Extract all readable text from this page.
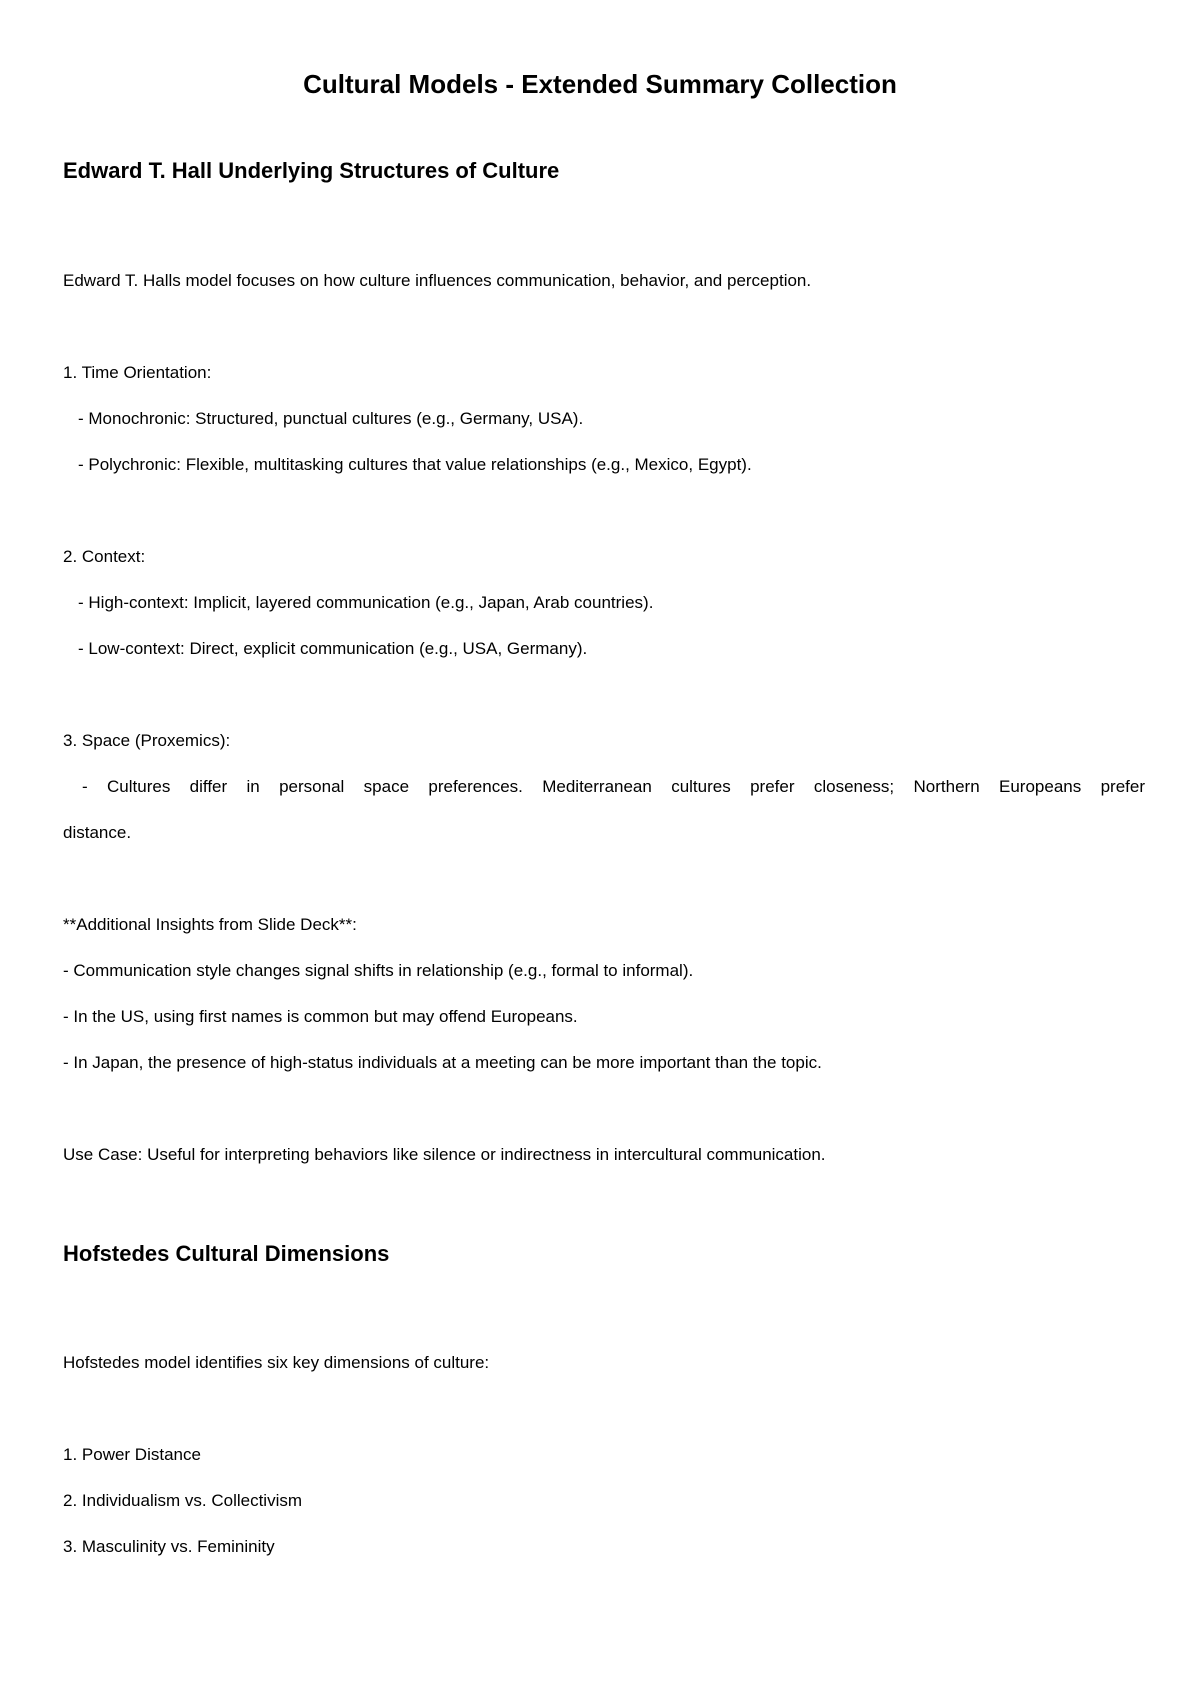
Cultural Models - Extended Summary Collection
Edward T. Hall Underlying Structures of Culture

Edward T. Halls model focuses on how culture influences communication, behavior, and perception.

1. Time Orientation:

- Monochronic: Structured, punctual cultures (e.g., Germany, USA).

- Polychronic: Flexible, multitasking cultures that value relationships (e.g., Mexico, Egypt).

2. Context:

- High-context: Implicit, layered communication (e.g., Japan, Arab countries).

- Low-context: Direct, explicit communication (e.g., USA, Germany).

3. Space (Proxemics):

- Cultures differ in personal space preferences. Mediterranean cultures prefer closeness; Northern Europeans prefer

distance.

**Additional Insights from Slide Deck**:

- Communication style changes signal shifts in relationship (e.g., formal to informal).

- In the US, using first names is common but may offend Europeans.

- In Japan, the presence of high-status individuals at a meeting can be more important than the topic.

Use Case: Useful for interpreting behaviors like silence or indirectness in intercultural communication.

Hofstedes Cultural Dimensions

Hofstedes model identifies six key dimensions of culture:

1. Power Distance

2. Individualism vs. Collectivism

3. Masculinity vs. Femininity
